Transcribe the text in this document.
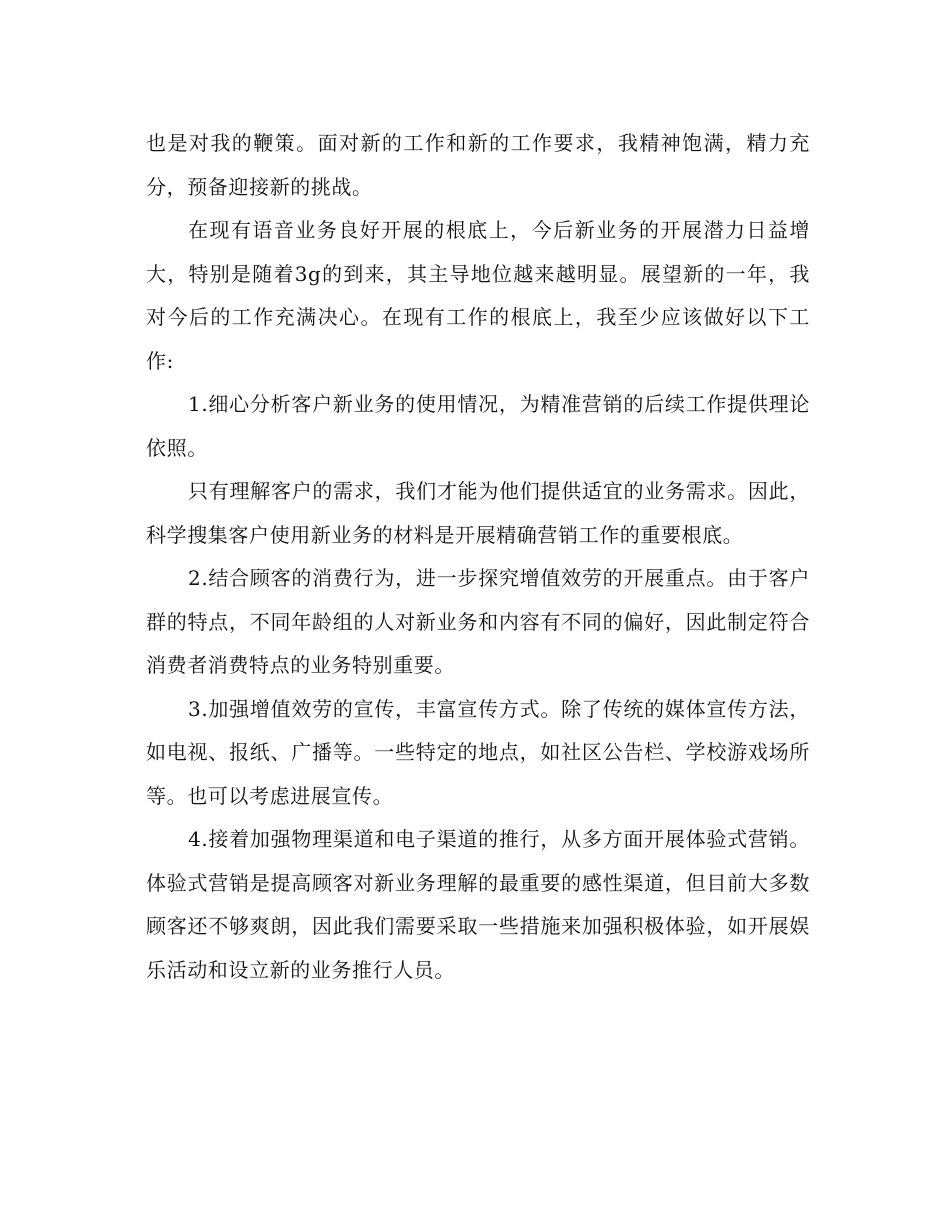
也是对我的鞭策。面对新的工作和新的工作要求，我精神饱满，精力充分，预备迎接新的挑战。

在现有语音业务良好开展的根底上，今后新业务的开展潜力日益增大，特别是随着3g的到来，其主导地位越来越明显。展望新的一年，我对今后的工作充满决心。在现有工作的根底上，我至少应该做好以下工作:

1.细心分析客户新业务的使用情况，为精准营销的后续工作提供理论依照。

只有理解客户的需求，我们才能为他们提供适宜的业务需求。因此，科学搜集客户使用新业务的材料是开展精确营销工作的重要根底。

2.结合顾客的消费行为，进一步探究增值效劳的开展重点。由于客户群的特点，不同年龄组的人对新业务和内容有不同的偏好，因此制定符合消费者消费特点的业务特别重要。

3.加强增值效劳的宣传，丰富宣传方式。除了传统的媒体宣传方法，如电视、报纸、广播等。一些特定的地点，如社区公告栏、学校游戏场所等。也可以考虑进展宣传。

4.接着加强物理渠道和电子渠道的推行，从多方面开展体验式营销。体验式营销是提高顾客对新业务理解的最重要的感性渠道，但目前大多数顾客还不够爽朗，因此我们需要采取一些措施来加强积极体验，如开展娱乐活动和设立新的业务推行人员。
